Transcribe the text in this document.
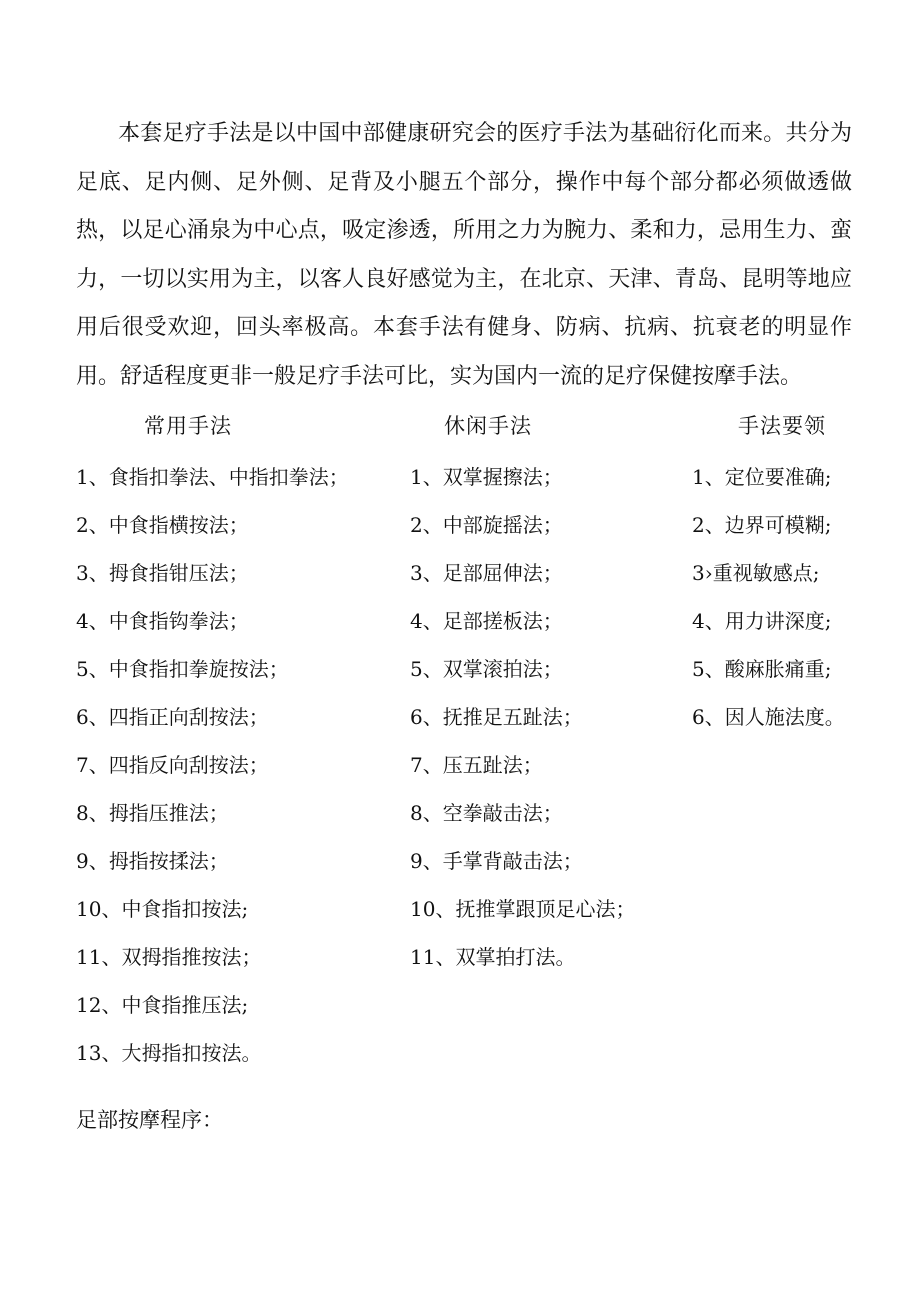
本套足疗手法是以中国中部健康研究会的医疗手法为基础衍化而来。共分为足底、足内侧、足外侧、足背及小腿五个部分，操作中每个部分都必须做透做热，以足心涌泉为中心点，吸定渗透，所用之力为腕力、柔和力，忌用生力、蛮力，一切以实用为主，以客人良好感觉为主，在北京、天津、青岛、昆明等地应用后很受欢迎，回头率极高。本套手法有健身、防病、抗病、抗衰老的明显作用。舒适程度更非一般足疗手法可比，实为国内一流的足疗保健按摩手法。

常用手法
1、食指扣拳法、中指扣拳法；
2、中食指横按法；
3、拇食指钳压法；
4、中食指钩拳法；
5、中食指扣拳旋按法；
6、四指正向刮按法；
7、四指反向刮按法；
8、拇指压推法；
9、拇指按揉法；
10、中食指扣按法;
11、双拇指推按法；
12、中食指推压法;
13、大拇指扣按法。
休闲手法
1、双掌握擦法；
2、中部旋摇法；
3、足部屈伸法；
4、足部搓板法；
5、双掌滚拍法；
6、抚推足五趾法；
7、压五趾法；
8、空拳敲击法；
9、手掌背敲击法；
10、抚推掌跟顶足心法；
11、双掌拍打法。
手法要领
1、定位要准确;
2、边界可模糊;
3›重视敏感点;
4、用力讲深度;
5、酸麻胀痛重;
6、因人施法度。
足部按摩程序：
